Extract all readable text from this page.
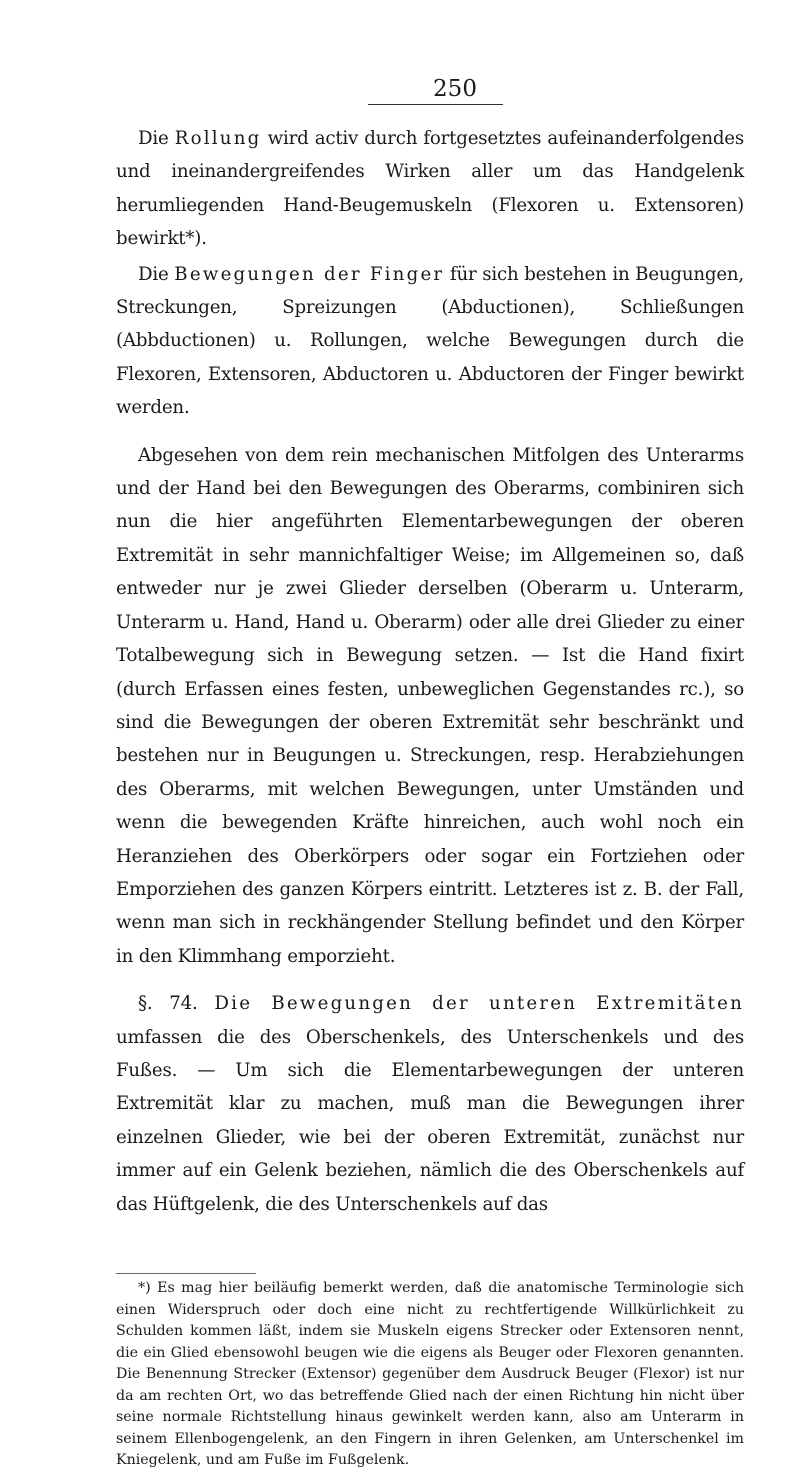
250

Die Rollung wird activ durch fortgesetztes aufeinanderfolgendes und ineinandergreifendes Wirken aller um das Handgelenk herumliegenden Hand-Beugemuskeln (Flexoren u. Extensoren) bewirkt*).

Die Bewegungen der Finger für sich bestehen in Beugungen, Streckungen, Spreizungen (Abductionen), Schließungen (Abbductionen) u. Rollungen, welche Bewegungen durch die Flexoren, Extensoren, Abductoren u. Abductoren der Finger bewirkt werden.

Abgesehen von dem rein mechanischen Mitfolgen des Unterarms und der Hand bei den Bewegungen des Oberarms, combiniren sich nun die hier angeführten Elementarbewegungen der oberen Extremität in sehr mannichfaltiger Weise; im Allgemeinen so, daß entweder nur je zwei Glieder derselben (Oberarm u. Unterarm, Unterarm u. Hand, Hand u. Oberarm) oder alle drei Glieder zu einer Totalbewegung sich in Bewegung setzen. — Ist die Hand fixirt (durch Erfassen eines festen, unbeweglichen Gegenstandes rc.), so sind die Bewegungen der oberen Extremität sehr beschränkt und bestehen nur in Beugungen u. Streckungen, resp. Herabziehungen des Oberarms, mit welchen Bewegungen, unter Umständen und wenn die bewegenden Kräfte hinreichen, auch wohl noch ein Heranziehen des Oberkörpers oder sogar ein Fortziehen oder Emporziehen des ganzen Körpers eintritt. Letzteres ist z. B. der Fall, wenn man sich in reckhängender Stellung befindet und den Körper in den Klimmhang emporzieht.

§. 74. Die Bewegungen der unteren Extremitäten umfassen die des Oberschenkels, des Unterschenkels und des Fußes. — Um sich die Elementarbewegungen der unteren Extremität klar zu machen, muß man die Bewegungen ihrer einzelnen Glieder, wie bei der oberen Extremität, zunächst nur immer auf ein Gelenk beziehen, nämlich die des Oberschenkels auf das Hüftgelenk, die des Unterschenkels auf das

*) Es mag hier beiläufig bemerkt werden, daß die anatomische Terminologie sich einen Widerspruch oder doch eine nicht zu rechtfertigende Willkürlichkeit zu Schulden kommen läßt, indem sie Muskeln eigens Strecker oder Extensoren nennt, die ein Glied ebensowohl beugen wie die eigens als Beuger oder Flexoren genannten. Die Benennung Strecker (Extensor) gegenüber dem Ausdruck Beuger (Flexor) ist nur da am rechten Ort, wo das betreffende Glied nach der einen Richtung hin nicht über seine normale Richtstellung hinaus gewinkelt werden kann, also am Unterarm in seinem Ellenbogengelenk, an den Fingern in ihren Gelenken, am Unterschenkel im Kniegelenk, und am Fuße im Fußgelenk.
